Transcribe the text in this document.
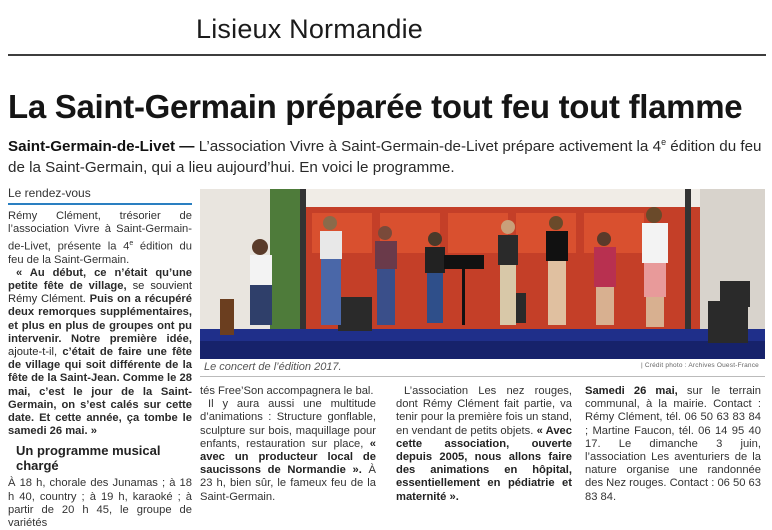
Lisieux Normandie
La Saint-Germain préparée tout feu tout flamme
Saint-Germain-de-Livet — L’association Vivre à Saint-Germain-de-Livet prépare activement la 4e édition du feu de la Saint-Germain, qui a lieu aujourd’hui. En voici le programme.
Le rendez-vous

Rémy Clément, trésorier de l’association Vivre à Saint-Germain-de-Livet, présente la 4e édition du feu de la Saint-Germain.

« Au début, ce n’était qu’une petite fête de village, se souvient Rémy Clément. Puis on a récupéré deux remorques supplémentaires, et plus en plus de groupes ont pu intervenir. Notre première idée, ajoute-t-il, c’était de faire une fête de village qui soit différente de la fête de la Saint-Jean. Comme le 28 mai, c’est le jour de la Saint-Germain, on s’est calés sur cette date. Et cette année, ça tombe le samedi 26 mai. »

Un programme musical chargé

À 18 h, chorale des Junamas ; à 18 h 40, country ; à 19 h, karaoké ; à partir de 20 h 45, le groupe de variétés

Le concert de l’édition 2017.	| Crédit photo : Archives Ouest-France

tés Free’Son accompagnera le bal.

Il y aura aussi une multitude d’animations : Structure gonflable, sculpture sur bois, maquillage pour enfants, restauration sur place, « avec un producteur local de saucissons de Normandie ». À 23 h, bien sûr, le fameux feu de la Saint-Germain.

L’association Les nez rouges, dont Rémy Clément fait partie, va tenir pour la première fois un stand, en vendant de petits objets. « Avec cette association, ouverte depuis 2005, nous allons faire des animations en hôpital, essentiellement en pédiatrie et maternité ».

Samedi 26 mai, sur le terrain communal, à la mairie. Contact : Rémy Clément, tél. 06 50 63 83 84 ; Martine Faucon, tél. 06 14 95 40 17. Le dimanche 3 juin, l’association Les aventuriers de la nature organise une randonnée des Nez rouges. Contact : 06 50 63 83 84.
